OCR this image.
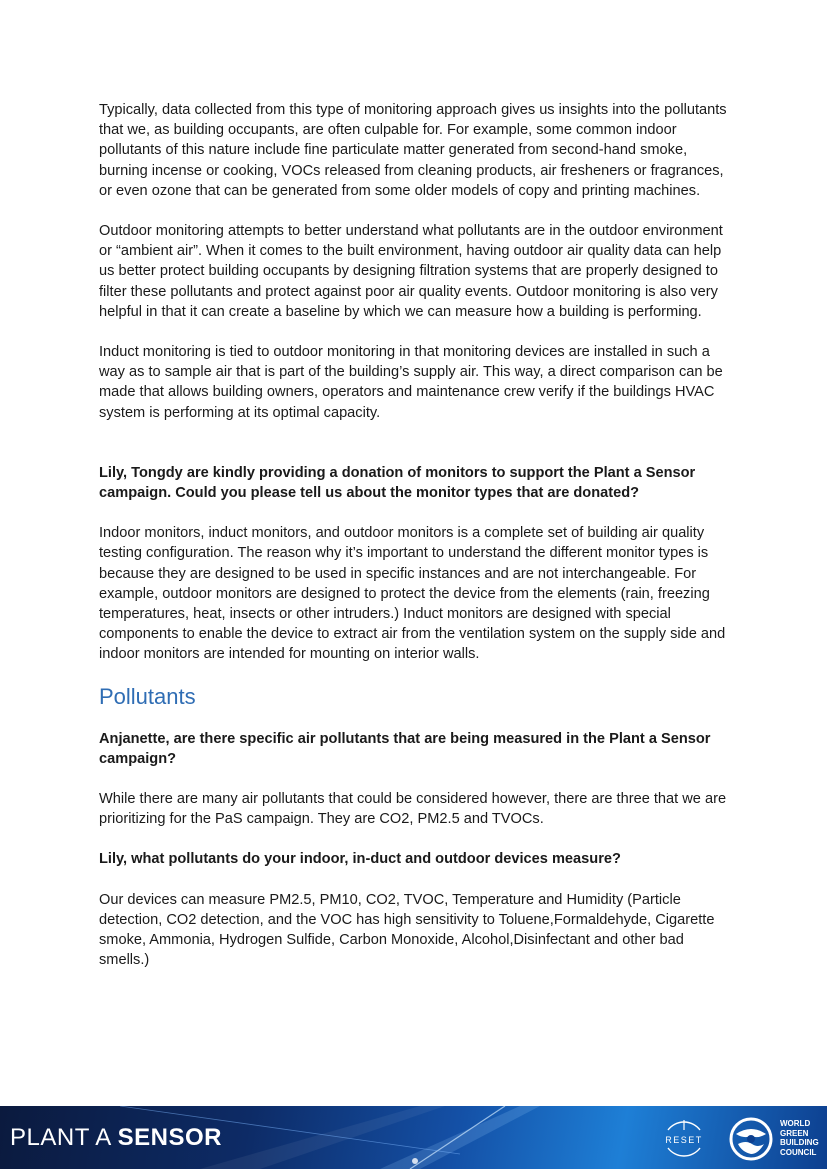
Typically, data collected from this type of monitoring approach gives us insights into the pollutants that we, as building occupants, are often culpable for. For example, some common indoor pollutants of this nature include fine particulate matter generated from second-hand smoke, burning incense or cooking, VOCs released from cleaning products, air fresheners or fragrances, or even ozone that can be generated from some older models of copy and printing machines.

Outdoor monitoring attempts to better understand what pollutants are in the outdoor environment or “ambient air”. When it comes to the built environment, having outdoor air quality data can help us better protect building occupants by designing filtration systems that are properly designed to filter these pollutants and protect against poor air quality events. Outdoor monitoring is also very helpful in that it can create a baseline by which we can measure how a building is performing.

Induct monitoring is tied to outdoor monitoring in that monitoring devices are installed in such a way as to sample air that is part of the building’s supply air. This way, a direct comparison can be made that allows building owners, operators and maintenance crew verify if the buildings HVAC system is performing at its optimal capacity.

Lily, Tongdy are kindly providing a donation of monitors to support the Plant a Sensor campaign. Could you please tell us about the monitor types that are donated?

Indoor monitors, induct monitors, and outdoor monitors is a complete set of building air quality testing configuration. The reason why it’s important to understand the different monitor types is because they are designed to be used in specific instances and are not interchangeable. For example, outdoor monitors are designed to protect the device from the elements (rain, freezing temperatures, heat, insects or other intruders.) Induct monitors are designed with special components to enable the device to extract air from the ventilation system on the supply side and indoor monitors are intended for mounting on interior walls.

Pollutants

Anjanette, are there specific air pollutants that are being measured in the Plant a Sensor campaign?

While there are many air pollutants that could be considered however, there are three that we are prioritizing for the PaS campaign. They are CO2, PM2.5 and TVOCs.

Lily, what pollutants do your indoor, in-duct and outdoor devices measure?

Our devices can measure PM2.5, PM10, CO2, TVOC, Temperature and Humidity (Particle detection, CO2 detection, and the VOC has high sensitivity to Toluene,Formaldehyde, Cigarette smoke, Ammonia, Hydrogen Sulfide, Carbon Monoxide, Alcohol,Disinfectant and other bad smells.)

PLANT A SENSOR	RESET
WORLD
GREEN
BUILDING
COUNCIL
